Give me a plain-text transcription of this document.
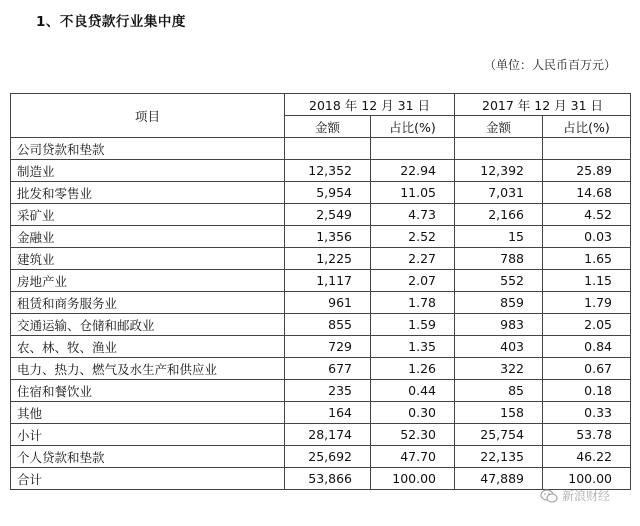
1、不良贷款行业集中度
（单位：人民币百万元）
项目	2018 年 12 月 31 日		2017 年 12 月 31 日	
	金额	占比(%)	金额	占比(%)
公司贷款和垫款				
制造业	12,352	22.94	12,392	25.89
批发和零售业	5,954	11.05	7,031	14.68
采矿业	2,549	4.73	2,166	4.52
金融业	1,356	2.52	15	0.03
建筑业	1,225	2.27	788	1.65
房地产业	1,117	2.07	552	1.15
租赁和商务服务业	961	1.78	859	1.79
交通运输、仓储和邮政业	855	1.59	983	2.05
农、林、牧、渔业	729	1.35	403	0.84
电力、热力、燃气及水生产和供应业	677	1.26	322	0.67
住宿和餐饮业	235	0.44	85	0.18
其他	164	0.30	158	0.33
小计	28,174	52.30	25,754	53.78
个人贷款和垫款	25,692	47.70	22,135	46.22
合计	53,866	100.00	47,889	100.00
新浪财经
